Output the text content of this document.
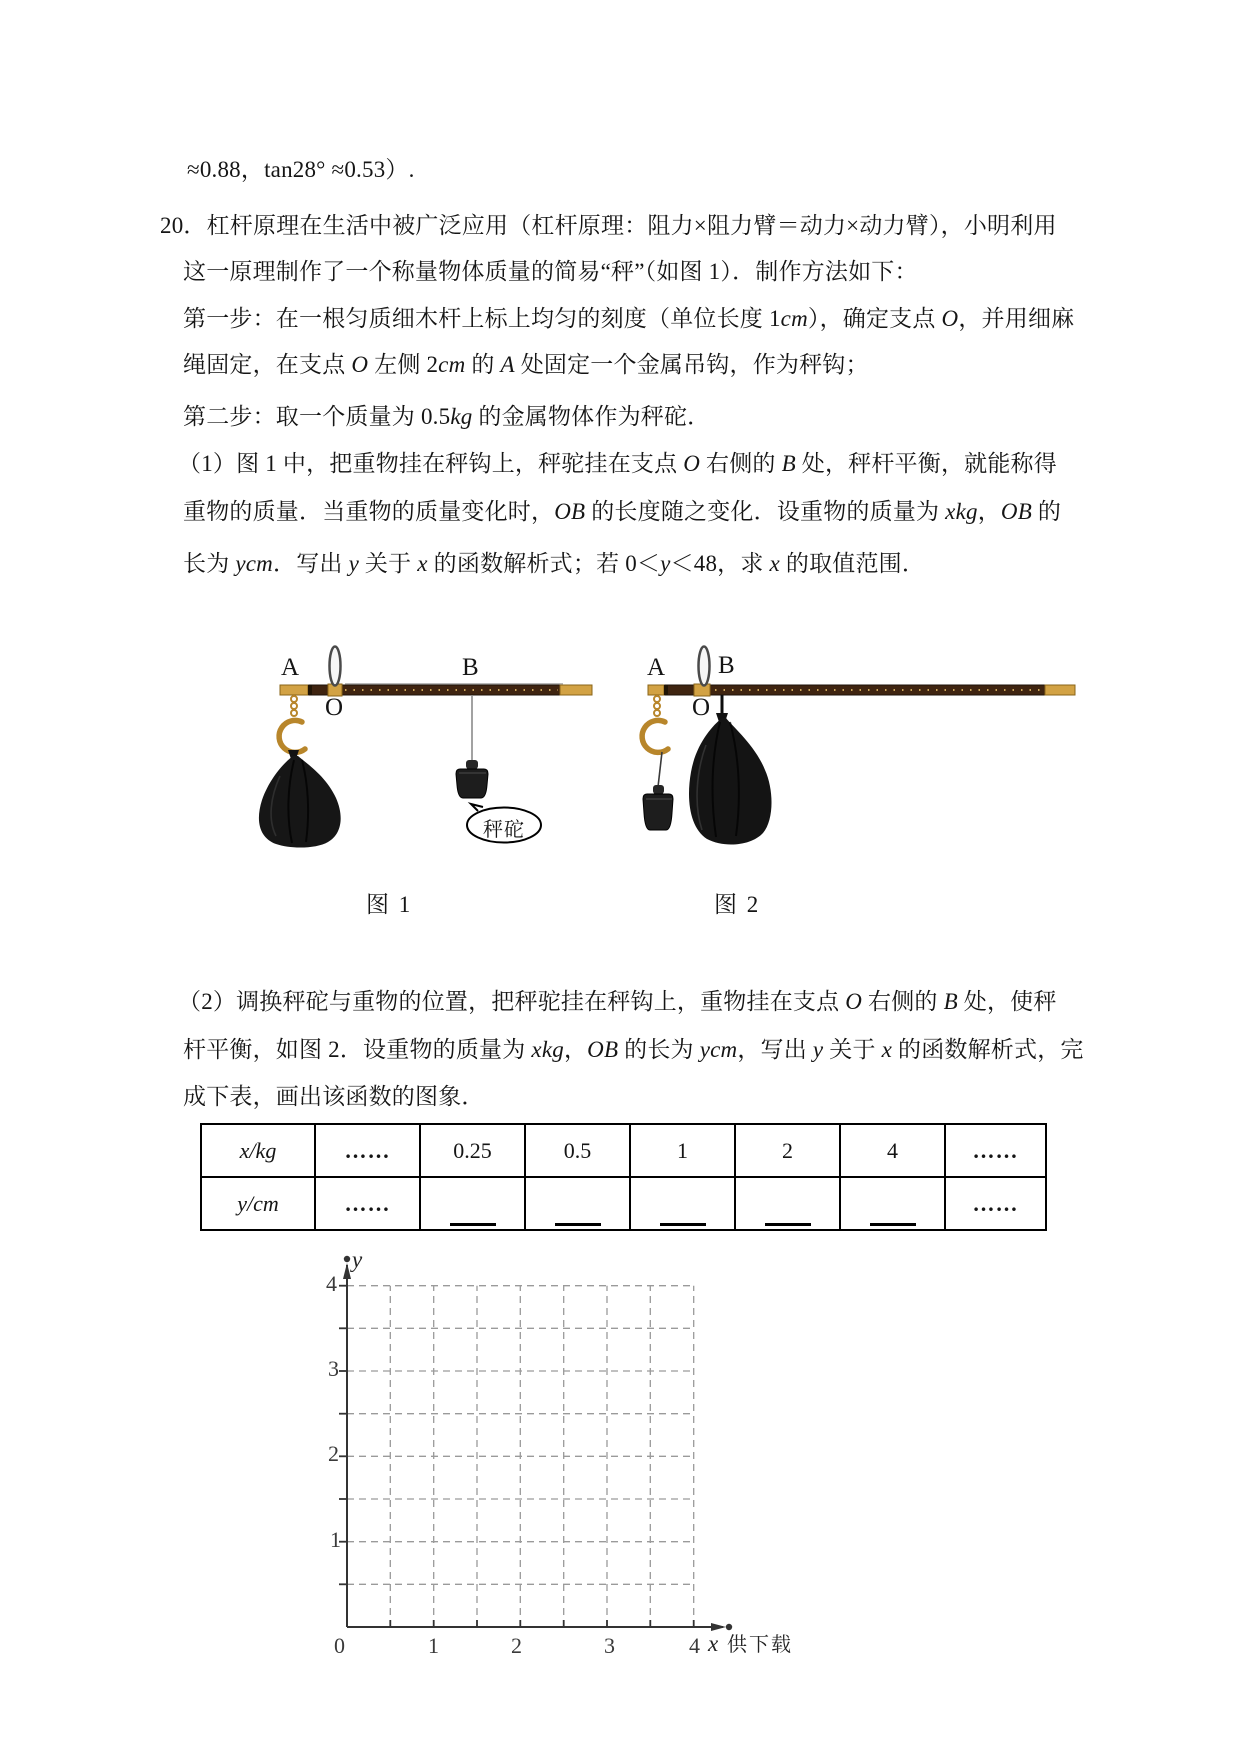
≈0.88，tan28° ≈0.53）.
20．杠杆原理在生活中被广泛应用（杠杆原理：阻力×阻力臂＝动力×动力臂），小明利用
这一原理制作了一个称量物体质量的简易“秤”（如图 1）．制作方法如下：
第一步：在一根匀质细木杆上标上均匀的刻度（单位长度 1cm），确定支点 O，并用细麻
绳固定，在支点 O 左侧 2cm 的 A 处固定一个金属吊钩，作为秤钩；
第二步：取一个质量为 0.5kg 的金属物体作为秤砣．
（1）图 1 中，把重物挂在秤钩上，秤驼挂在支点 O 右侧的 B 处，秤杆平衡，就能称得
重物的质量．当重物的质量变化时，OB 的长度随之变化．设重物的质量为 xkg，OB 的
长为 ycm．写出 y 关于 x 的函数解析式；若 0＜y＜48，求 x 的取值范围．
（2）调换秤砣与重物的位置，把秤驼挂在秤钩上，重物挂在支点 O 右侧的 B 处，使秤
杆平衡，如图 2．设重物的质量为 xkg，OB 的长为 ycm，写出 y 关于 x 的函数解析式，完
成下表，画出该函数的图象．
A
O
B
秤砣
图 1
A
O
B
图 2
x/kg	……	0.25	0.5	1	2	4	……
y/cm	……						……
4
3
2
1
0	1	2	3	4
y
x 供下载
